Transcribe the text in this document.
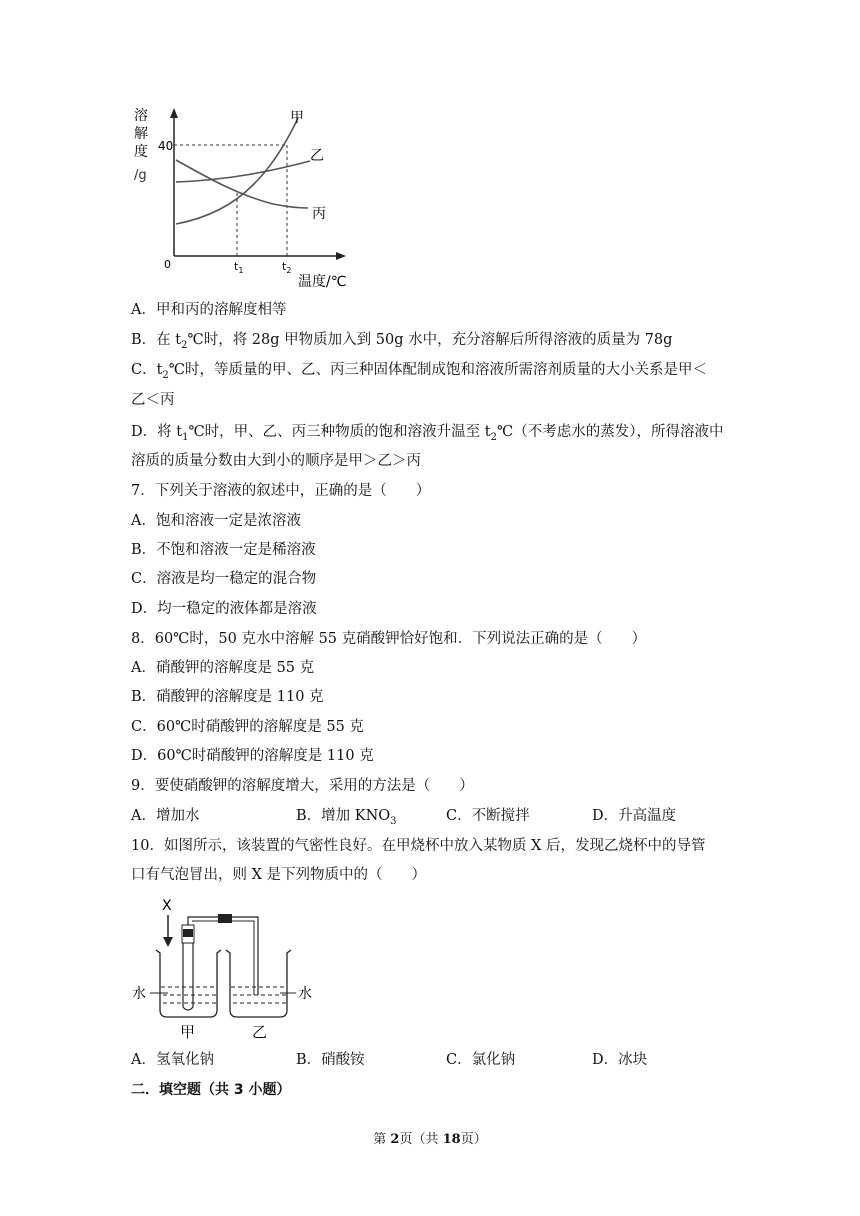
溶
解
度
/g
0
40
$t_1$	$t_2$
温度/℃
甲
乙
丙
A．甲和丙的溶解度相等
B．在 $t_2℃$时，将 28g 甲物质加入到 50g 水中，充分溶解后所得溶液的质量为 78g
C．$t_2℃$时，等质量的甲、乙、丙三种固体配制成饱和溶液所需溶剂质量的大小关系是甲＜
乙＜丙
D．将 $t_1℃$时，甲、乙、丙三种物质的饱和溶液升温至 $t_2℃$（不考虑水的蒸发），所得溶液中
溶质的质量分数由大到小的顺序是甲＞乙＞丙
7．下列关于溶液的叙述中，正确的是（　　）
A．饱和溶液一定是浓溶液
B．不饱和溶液一定是稀溶液
C．溶液是均一稳定的混合物
D．均一稳定的液体都是溶液
8．60℃时，50 克水中溶解 55 克硝酸钾恰好饱和．下列说法正确的是（　　）
A．硝酸钾的溶解度是 55 克
B．硝酸钾的溶解度是 110 克
C．60℃时硝酸钾的溶解度是 55 克
D．60℃时硝酸钾的溶解度是 110 克
9．要使硝酸钾的溶解度增大，采用的方法是（　　）
A．增加水	B．增加 $KNO_3$	C．不断搅拌	D．升高温度
10．如图所示，该装置的气密性良好。在甲烧杯中放入某物质 X 后，发现乙烧杯中的导管
口有气泡冒出，则 X 是下列物质中的（　　）
X
水
甲
水
乙
A．氢氧化钠	B．硝酸铵	C．氯化钠	D．冰块
二．填空题（共 3 小题）
第 2页（共 18页）
